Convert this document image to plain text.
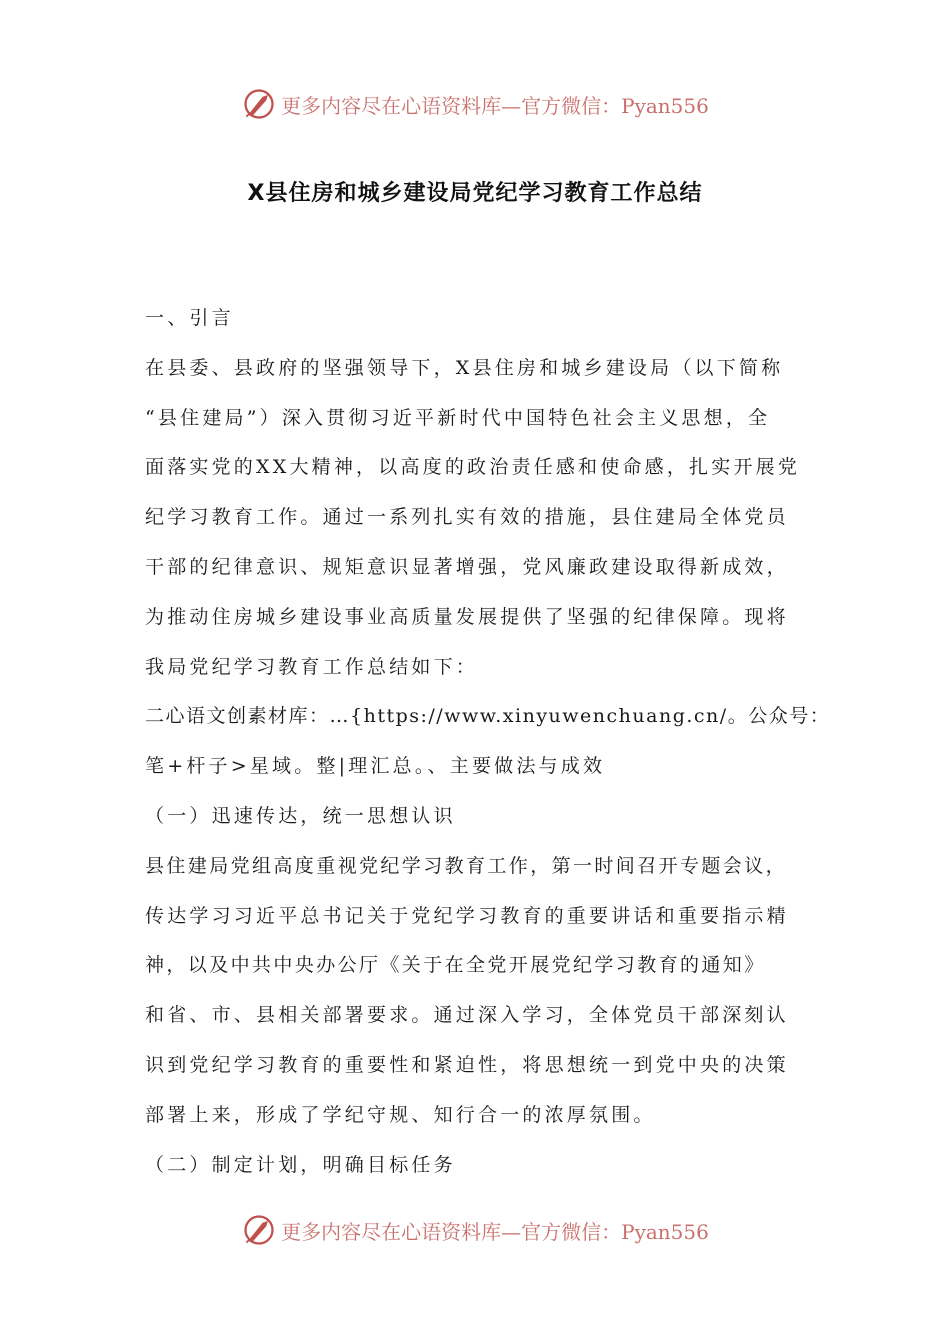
更多内容尽在心语资料库—官方微信：Pyan556
X县住房和城乡建设局党纪学习教育工作总结
一、引言
在县委、县政府的坚强领导下，X县住房和城乡建设局（以下简称
“县住建局”）深入贯彻习近平新时代中国特色社会主义思想，全
面落实党的XX大精神，以高度的政治责任感和使命感，扎实开展党
纪学习教育工作。通过一系列扎实有效的措施，县住建局全体党员
干部的纪律意识、规矩意识显著增强，党风廉政建设取得新成效，
为推动住房城乡建设事业高质量发展提供了坚强的纪律保障。现将
我局党纪学习教育工作总结如下：
二心语文创素材库：…{https://www.xinyuwenchuang.cn/。公众号：
笔+杆子>星域。整|理汇总。、主要做法与成效
（一）迅速传达，统一思想认识
县住建局党组高度重视党纪学习教育工作，第一时间召开专题会议，
传达学习习近平总书记关于党纪学习教育的重要讲话和重要指示精
神，以及中共中央办公厅《关于在全党开展党纪学习教育的通知》
和省、市、县相关部署要求。通过深入学习，全体党员干部深刻认
识到党纪学习教育的重要性和紧迫性，将思想统一到党中央的决策
部署上来，形成了学纪守规、知行合一的浓厚氛围。
（二）制定计划，明确目标任务
更多内容尽在心语资料库—官方微信：Pyan556
